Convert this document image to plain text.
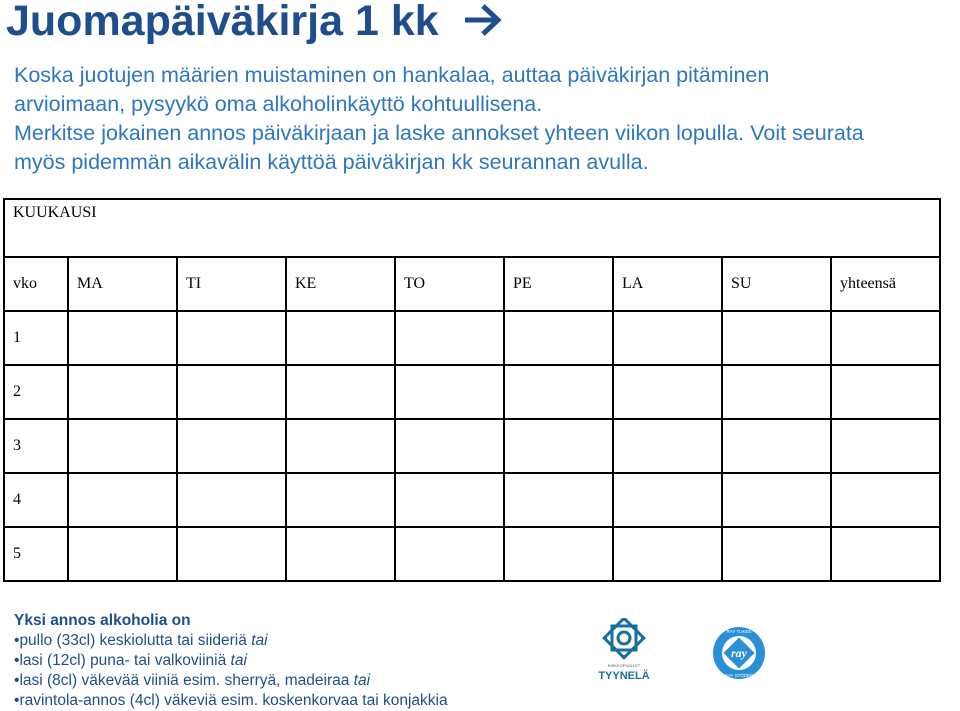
Juomapäiväkirja 1 kk
Koska juotujen määrien muistaminen on hankalaa, auttaa päiväkirjan pitäminen
arvioimaan, pysyykö oma alkoholinkäyttö kohtuullisena.
Merkitse jokainen annos päiväkirjaan ja laske annokset yhteen viikon lopulla. Voit seurata
myös pidemmän aikavälin käyttöä päiväkirjan kk seurannan avulla.
KUUKAUSI								
vko	MA	TI	KE	TO	PE	LA	SU	yhteensä
1								
2								
3								
4								
5								
Yksi annos alkoholia on
•pullo (33cl) keskiolutta tai siideriä tai
•lasi (12cl) puna- tai valkoviiniä tai
•lasi (8cl) väkevää viiniä esim. sherryä, madeiraa tai
•ravintola-annos (4cl) väkeviä esim. koskenkorvaa tai konjakkia
KIRKKOPIUILLET
TYYNELÄ
ray
RAY TUKEE
RAY STÖDER
